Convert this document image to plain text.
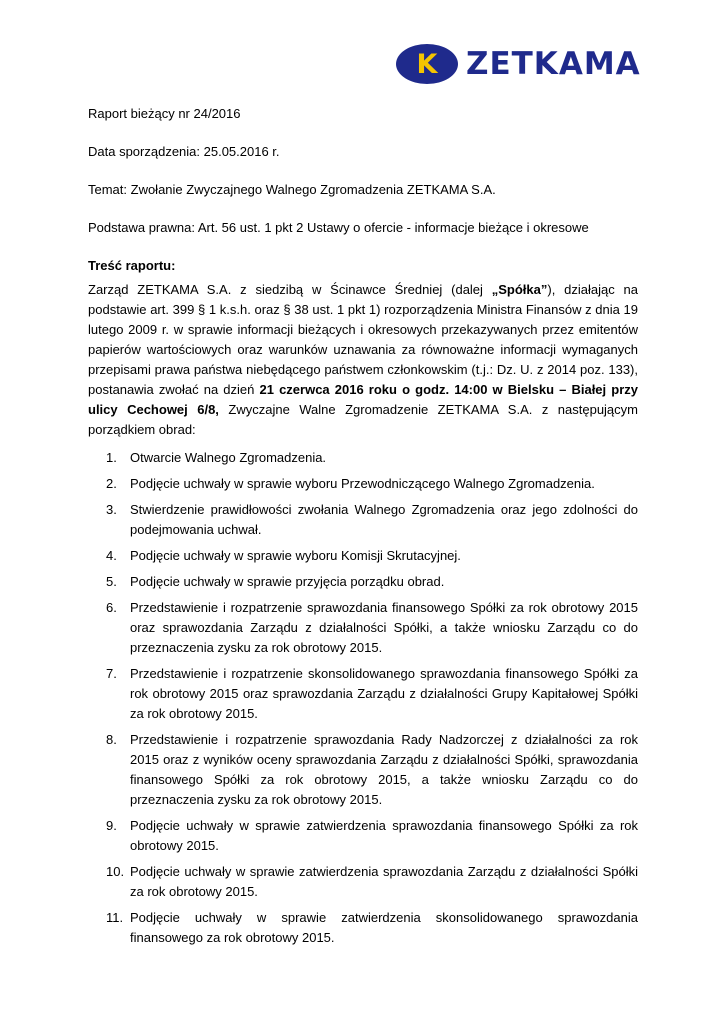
K ZETKAMA

Raport bieżący nr 24/2016

Data sporządzenia: 25.05.2016 r.

Temat: Zwołanie Zwyczajnego Walnego Zgromadzenia ZETKAMA S.A.

Podstawa prawna: Art. 56 ust. 1 pkt 2 Ustawy o ofercie - informacje bieżące i okresowe

Treść raportu:

Zarząd ZETKAMA S.A. z siedzibą w Ścinawce Średniej (dalej „Spółka”), działając na podstawie art. 399 § 1 k.s.h. oraz § 38 ust. 1 pkt 1) rozporządzenia Ministra Finansów z dnia 19 lutego 2009 r. w sprawie informacji bieżących i okresowych przekazywanych przez emitentów papierów wartościowych oraz warunków uznawania za równoważne informacji wymaganych przepisami prawa państwa niebędącego państwem członkowskim (t.j.: Dz. U. z 2014 poz. 133), postanawia zwołać na dzień 21 czerwca 2016 roku o godz. 14:00 w Bielsku – Białej przy ulicy Cechowej 6/8, Zwyczajne Walne Zgromadzenie ZETKAMA S.A. z następującym porządkiem obrad:

1. Otwarcie Walnego Zgromadzenia.
2. Podjęcie uchwały w sprawie wyboru Przewodniczącego Walnego Zgromadzenia.
3. Stwierdzenie prawidłowości zwołania Walnego Zgromadzenia oraz jego zdolności do podejmowania uchwał.
4. Podjęcie uchwały w sprawie wyboru Komisji Skrutacyjnej.
5. Podjęcie uchwały w sprawie przyjęcia porządku obrad.
6. Przedstawienie i rozpatrzenie sprawozdania finansowego Spółki za rok obrotowy 2015 oraz sprawozdania Zarządu z działalności Spółki, a także wniosku Zarządu co do przeznaczenia zysku za rok obrotowy 2015.
7. Przedstawienie i rozpatrzenie skonsolidowanego sprawozdania finansowego Spółki za rok obrotowy 2015 oraz sprawozdania Zarządu z działalności Grupy Kapitałowej Spółki za rok obrotowy 2015.
8. Przedstawienie i rozpatrzenie sprawozdania Rady Nadzorczej z działalności za rok 2015 oraz z wyników oceny sprawozdania Zarządu z działalności Spółki, sprawozdania finansowego Spółki za rok obrotowy 2015, a także wniosku Zarządu co do przeznaczenia zysku za rok obrotowy 2015.
9. Podjęcie uchwały w sprawie zatwierdzenia sprawozdania finansowego Spółki za rok obrotowy 2015.
10. Podjęcie uchwały w sprawie zatwierdzenia sprawozdania Zarządu z działalności Spółki za rok obrotowy 2015.
11. Podjęcie uchwały w sprawie zatwierdzenia skonsolidowanego sprawozdania finansowego za rok obrotowy 2015.
